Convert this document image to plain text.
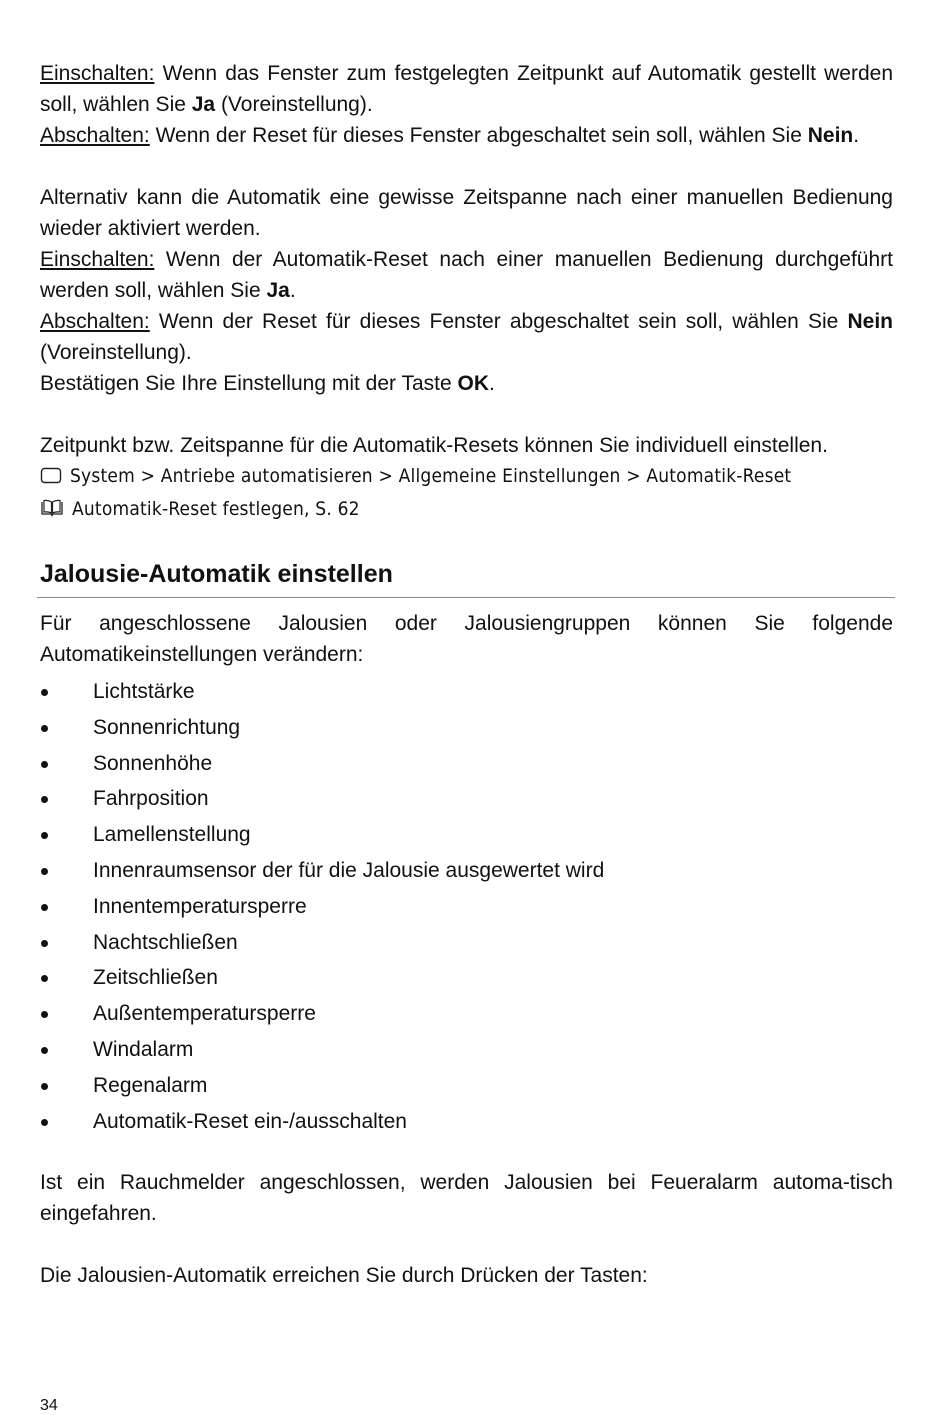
Einschalten: Wenn das Fenster zum festgelegten Zeitpunkt auf Automatik gestellt werden soll, wählen Sie Ja (Voreinstellung).
Abschalten: Wenn der Reset für dieses Fenster abgeschaltet sein soll, wählen Sie Nein.

Alternativ kann die Automatik eine gewisse Zeitspanne nach einer manuellen Bedienung wieder aktiviert werden.
Einschalten: Wenn der Automatik-Reset nach einer manuellen Bedienung durchgeführt werden soll, wählen Sie Ja.
Abschalten: Wenn der Reset für dieses Fenster abgeschaltet sein soll, wählen Sie Nein (Voreinstellung).
Bestätigen Sie Ihre Einstellung mit der Taste OK.

Zeitpunkt bzw. Zeitspanne für die Automatik-Resets können Sie individuell einstellen.

System > Antriebe automatisieren > Allgemeine Einstellungen > Automatik-Reset

Automatik-Reset festlegen, S. 62

Jalousie-Automatik einstellen

Für angeschlossene Jalousien oder Jalousiengruppen können Sie folgende Automatikeinstellungen verändern:

Lichtstärke
Sonnenrichtung
Sonnenhöhe
Fahrposition
Lamellenstellung
Innenraumsensor der für die Jalousie ausgewertet wird
Innentemperatursperre
Nachtschließen
Zeitschließen
Außentemperatursperre
Windalarm
Regenalarm
Automatik-Reset ein-/ausschalten

Ist ein Rauchmelder angeschlossen, werden Jalousien bei Feueralarm automa-tisch eingefahren.

Die Jalousien-Automatik erreichen Sie durch Drücken der Tasten:

34
